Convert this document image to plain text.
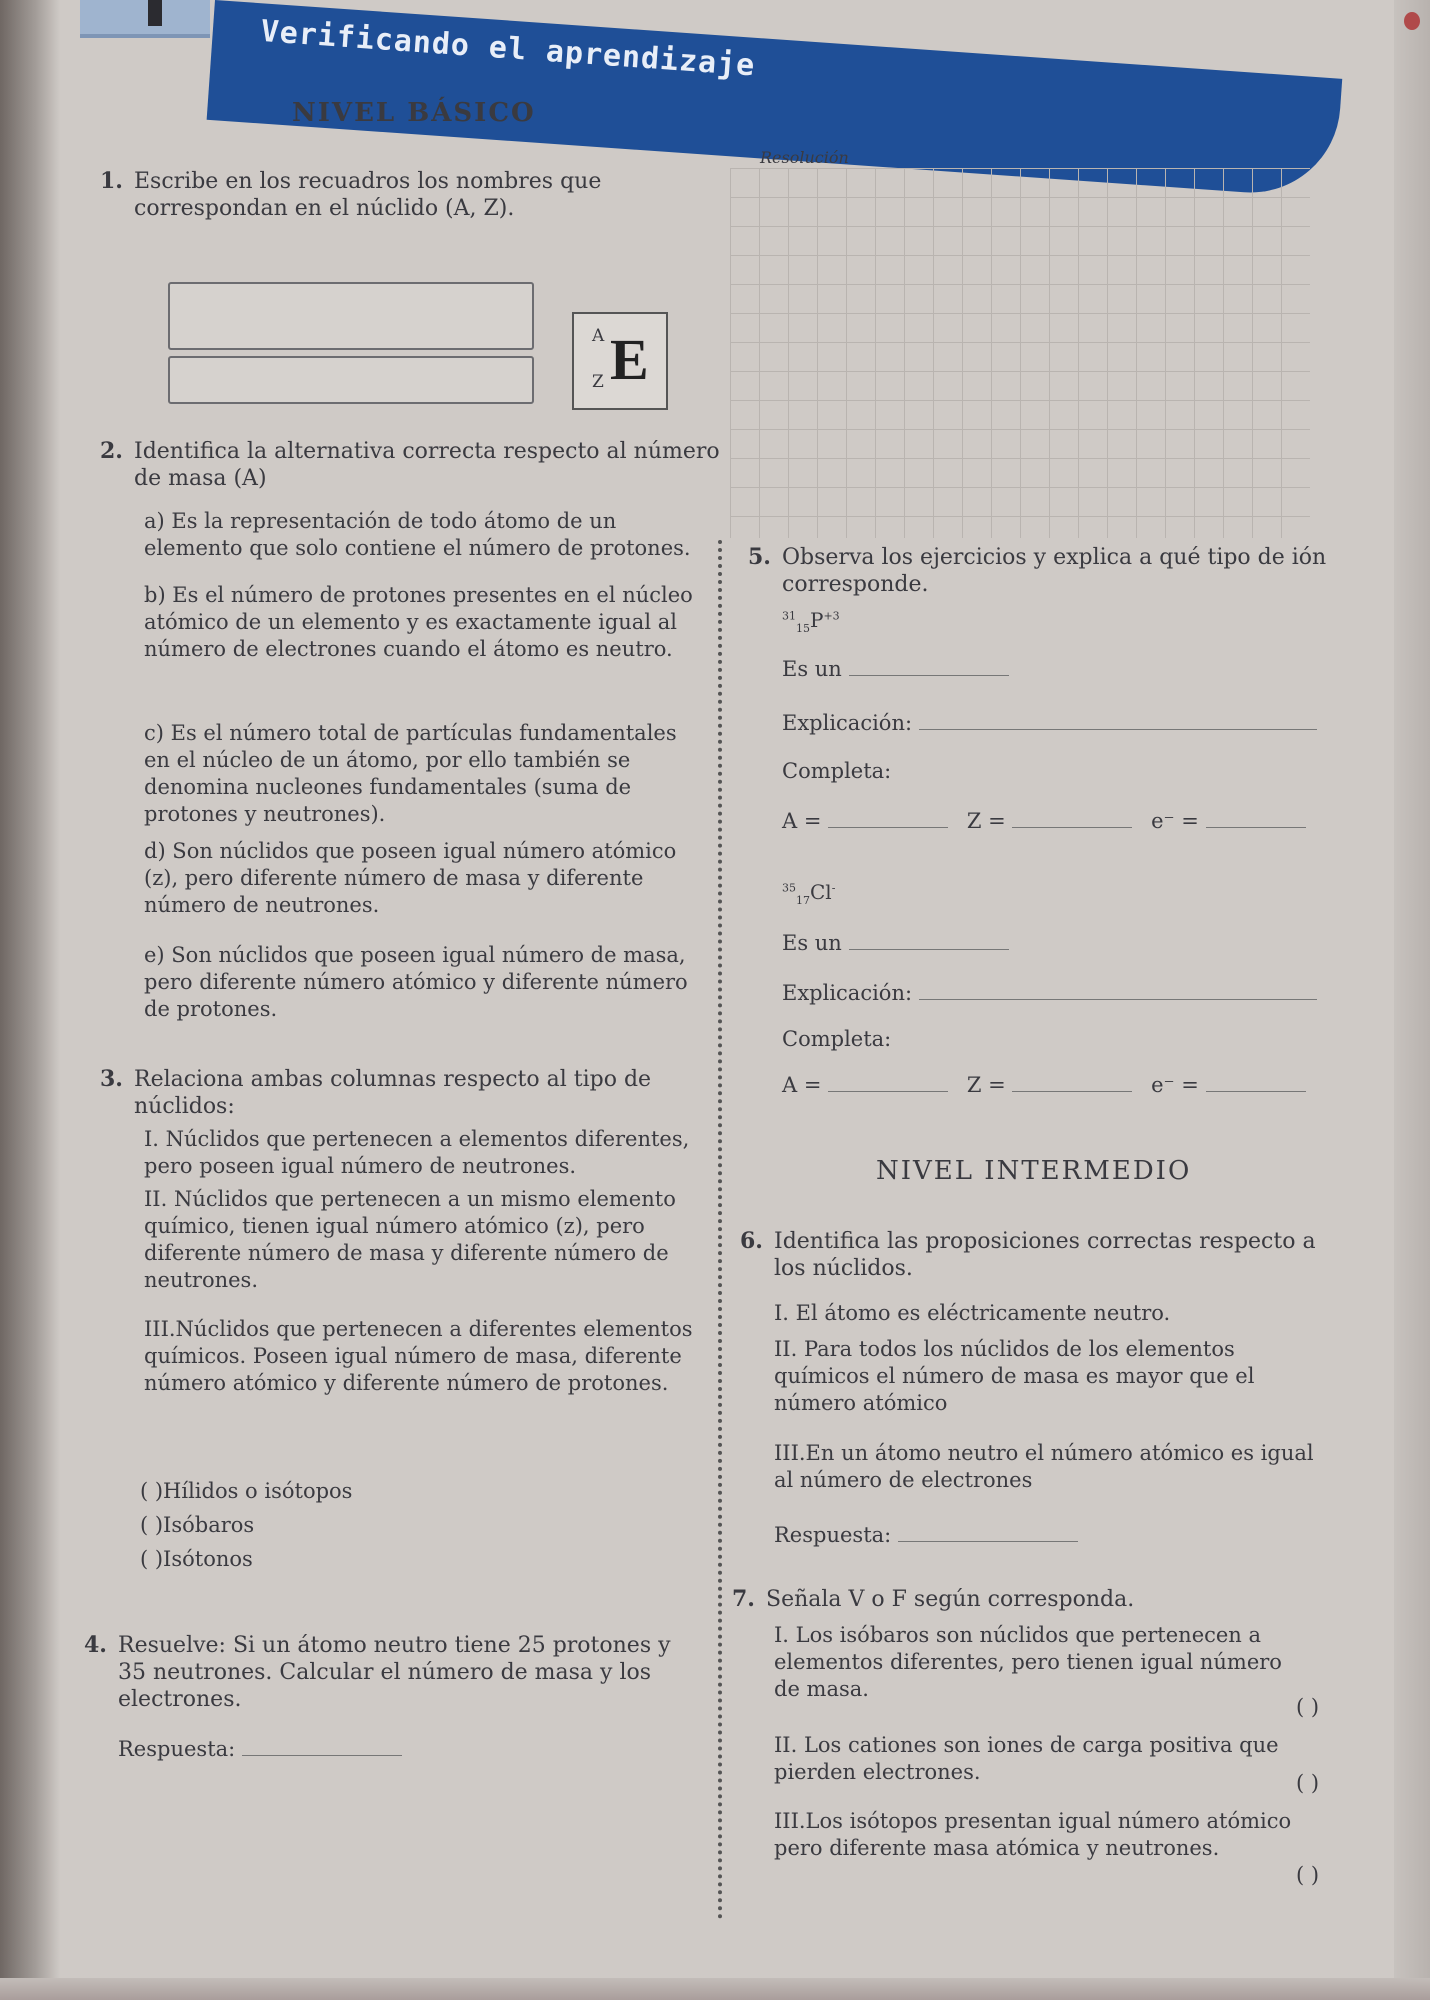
Verificando el aprendizaje
NIVEL BÁSICO
1. Escribe en los recuadros los nombres que correspondan en el núclido (A, Z).
A
Z E
2. Identifica la alternativa correcta respecto al número de masa (A)
a) Es la representación de todo átomo de un elemento que solo contiene el número de protones.
b) Es el número de protones presentes en el núcleo atómico de un elemento y es exactamente igual al número de electrones cuando el átomo es neutro.
c) Es el número total de partículas fundamentales en el núcleo de un átomo, por ello también se denomina nucleones fundamentales (suma de protones y neutrones).
d) Son núclidos que poseen igual número atómico (z), pero diferente número de masa y diferente número de neutrones.
e) Son núclidos que poseen igual número de masa, pero diferente número atómico y diferente número de protones.
3. Relaciona ambas columnas respecto al tipo de núclidos:
I. Núclidos que pertenecen a elementos diferentes, pero poseen igual número de neutrones.
II. Núclidos que pertenecen a un mismo elemento químico, tienen igual número atómico (z), pero diferente número de masa y diferente número de neutrones.
III.Núclidos que pertenecen a diferentes elementos químicos. Poseen igual número de masa, diferente número atómico y diferente número de protones.
( )Hílidos o isótopos
( )Isóbaros
( )Isótonos
4. Resuelve: Si un átomo neutro tiene 25 protones y 35 neutrones. Calcular el número de masa y los electrones.
Respuesta:
Resolución
5. Observa los ejercicios y explica a qué tipo de ión corresponde.
$^{31}_{15}P^{+3}$
Es un
Explicación:
Completa:
A =	Z =	e⁻ =
$^{35}_{17}$Cl-
Es un
Explicación:
Completa:
A =	Z =	e⁻ =
NIVEL INTERMEDIO
6. Identifica las proposiciones correctas respecto a los núclidos.
I. El átomo es eléctricamente neutro.
II. Para todos los núclidos de los elementos químicos el número de masa es mayor que el número atómico
III.En un átomo neutro el número atómico es igual al número de electrones
Respuesta:
7. Señala V o F según corresponda.
I. Los isóbaros son núclidos que pertenecen a elementos diferentes, pero tienen igual número de masa.
( )
II. Los cationes son iones de carga positiva que pierden electrones.	( )
III.Los isótopos presentan igual número atómico pero diferente masa atómica y neutrones.
( )
